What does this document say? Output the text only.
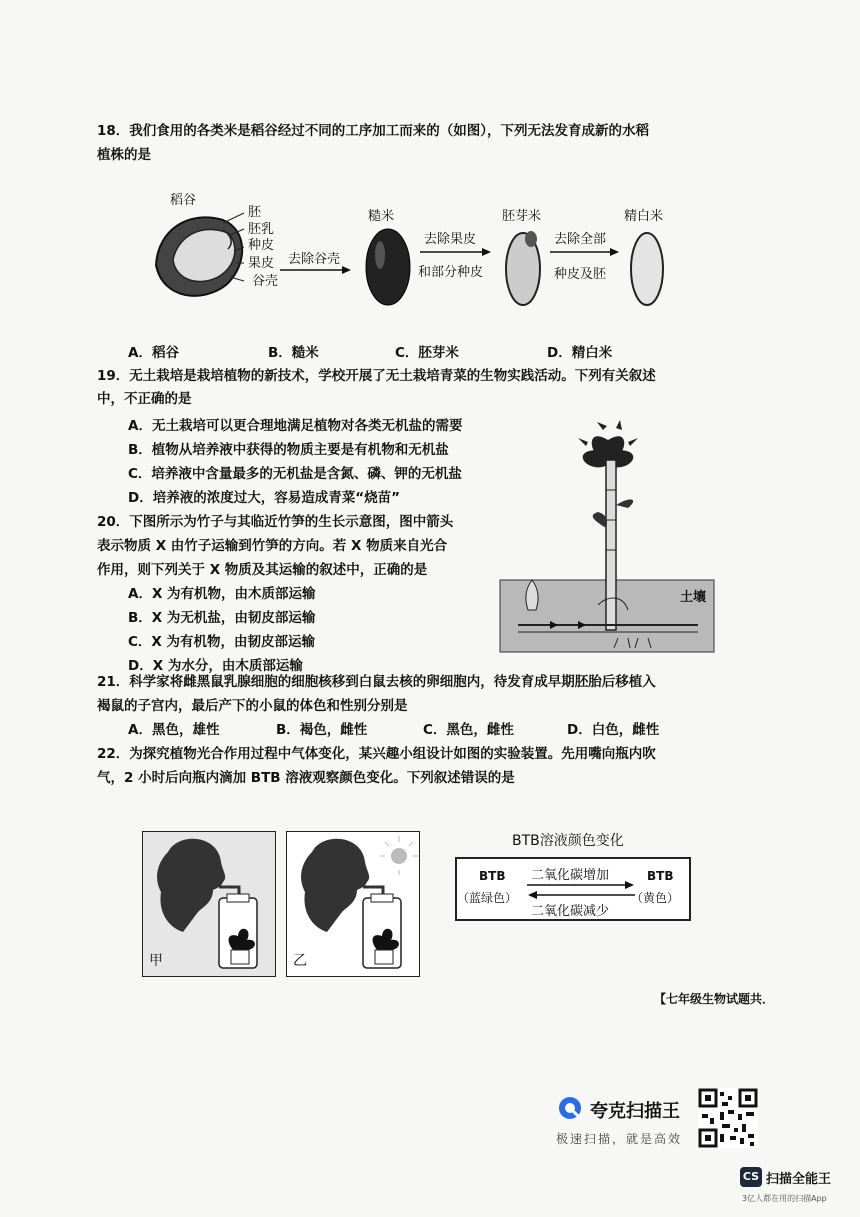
18．我们食用的各类米是稻谷经过不同的工序加工而来的（如图），下列无法发育成新的水稻
植株的是
稻谷
胚
胚乳
种皮
果皮
谷壳
去除谷壳
糙米
去除果皮
和部分种皮
胚芽米
去除全部
种皮及胚
精白米
A．稻谷	B．糙米	C．胚芽米	D．精白米
19．无土栽培是栽培植物的新技术，学校开展了无土栽培青菜的生物实践活动。下列有关叙述
中，不正确的是
A．无土栽培可以更合理地满足植物对各类无机盐的需要
B．植物从培养液中获得的物质主要是有机物和无机盐
C．培养液中含量最多的无机盐是含氮、磷、钾的无机盐
D．培养液的浓度过大，容易造成青菜“烧苗”
20．下图所示为竹子与其临近竹笋的生长示意图，图中箭头
表示物质 X 由竹子运输到竹笋的方向。若 X 物质来自光合
作用，则下列关于 X 物质及其运输的叙述中，正确的是
A．X 为有机物，由木质部运输
B．X 为无机盐，由韧皮部运输
C．X 为有机物，由韧皮部运输
D．X 为水分，由木质部运输
土壤
21．科学家将雌黑鼠乳腺细胞的细胞核移到白鼠去核的卵细胞内，待发育成早期胚胎后移植入
褐鼠的子宫内，最后产下的小鼠的体色和性别分别是
A．黑色，雄性	B．褐色，雌性	C．黑色，雌性	D．白色，雌性
22．为探究植物光合作用过程中气体变化，某兴趣小组设计如图的实验装置。先用嘴向瓶内吹
气，2 小时后向瓶内滴加 BTB 溶液观察颜色变化。下列叙述错误的是
甲	乙
BTB溶液颜色变化
BTB
（蓝绿色）
二氧化碳增加
二氧化碳减少
BTB
（黄色）
【七年级生物试题共．
夸克扫描王
极速扫描，就是高效
CS 扫描全能王
3亿人都在用的扫描App
